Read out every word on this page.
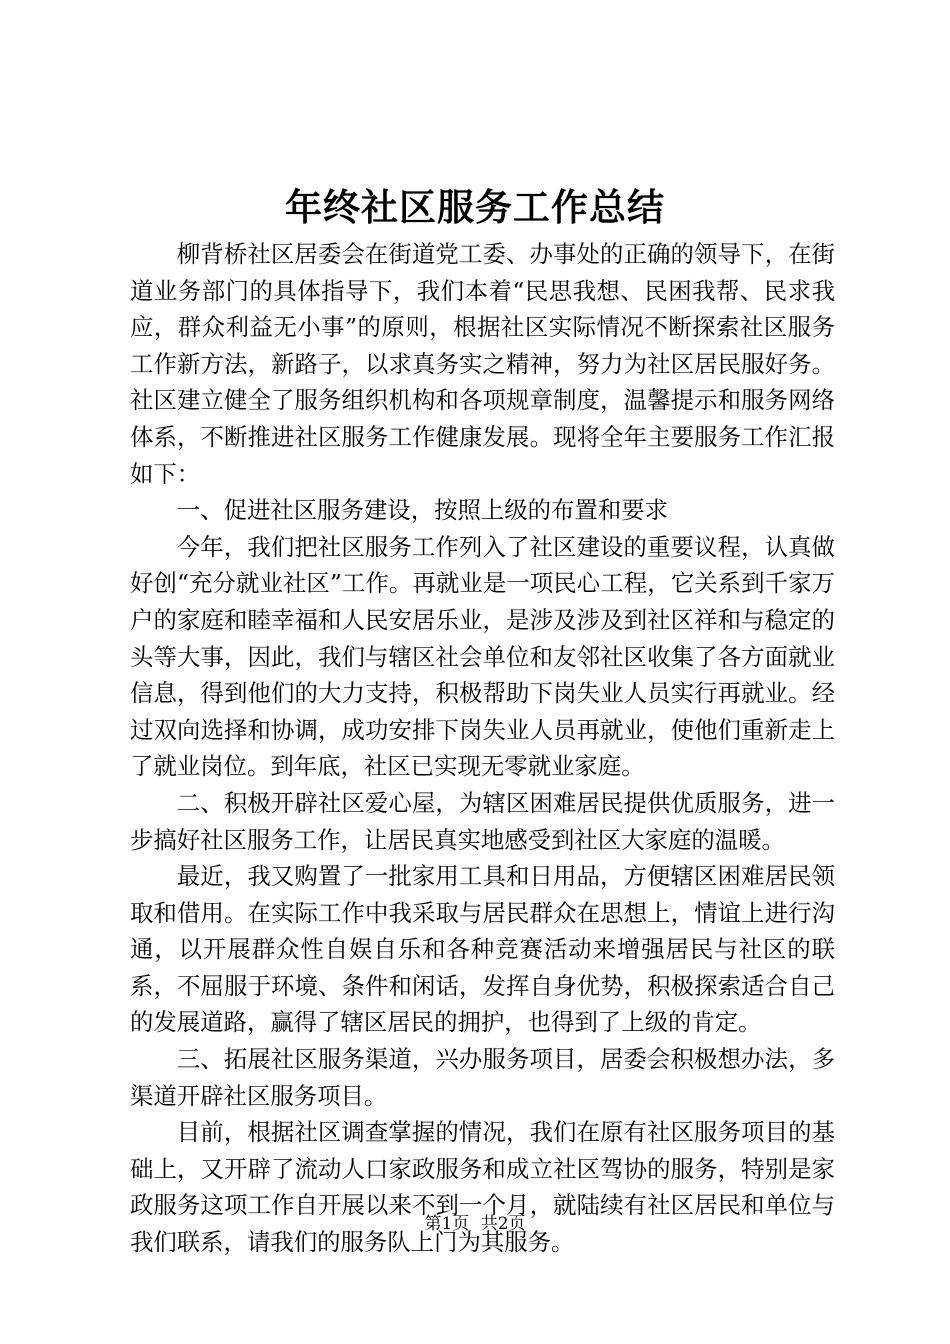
年终社区服务工作总结

柳背桥社区居委会在街道党工委、办事处的正确的领导下，在街道业务部门的具体指导下，我们本着“民思我想、民困我帮、民求我应，群众利益无小事”的原则，根据社区实际情况不断探索社区服务工作新方法，新路子，以求真务实之精神，努力为社区居民服好务。社区建立健全了服务组织机构和各项规章制度，温馨提示和服务网络体系，不断推进社区服务工作健康发展。现将全年主要服务工作汇报如下：

一、促进社区服务建设，按照上级的布置和要求

今年，我们把社区服务工作列入了社区建设的重要议程，认真做好创“充分就业社区”工作。再就业是一项民心工程，它关系到千家万户的家庭和睦幸福和人民安居乐业，是涉及涉及到社区祥和与稳定的头等大事，因此，我们与辖区社会单位和友邻社区收集了各方面就业信息，得到他们的大力支持，积极帮助下岗失业人员实行再就业。经过双向选择和协调，成功安排下岗失业人员再就业，使他们重新走上了就业岗位。到年底，社区已实现无零就业家庭。

二、积极开辟社区爱心屋，为辖区困难居民提供优质服务，进一步搞好社区服务工作，让居民真实地感受到社区大家庭的温暖。

最近，我又购置了一批家用工具和日用品，方便辖区困难居民领取和借用。在实际工作中我采取与居民群众在思想上，情谊上进行沟通，以开展群众性自娱自乐和各种竞赛活动来增强居民与社区的联系，不屈服于环境、条件和闲话，发挥自身优势，积极探索适合自己的发展道路，赢得了辖区居民的拥护，也得到了上级的肯定。

三、拓展社区服务渠道，兴办服务项目，居委会积极想办法，多渠道开辟社区服务项目。

目前，根据社区调查掌握的情况，我们在原有社区服务项目的基础上，又开辟了流动人口家政服务和成立社区驾协的服务，特别是家政服务这项工作自开展以来不到一个月，就陆续有社区居民和单位与我们联系，请我们的服务队上门为其服务。

第1页 共2页
